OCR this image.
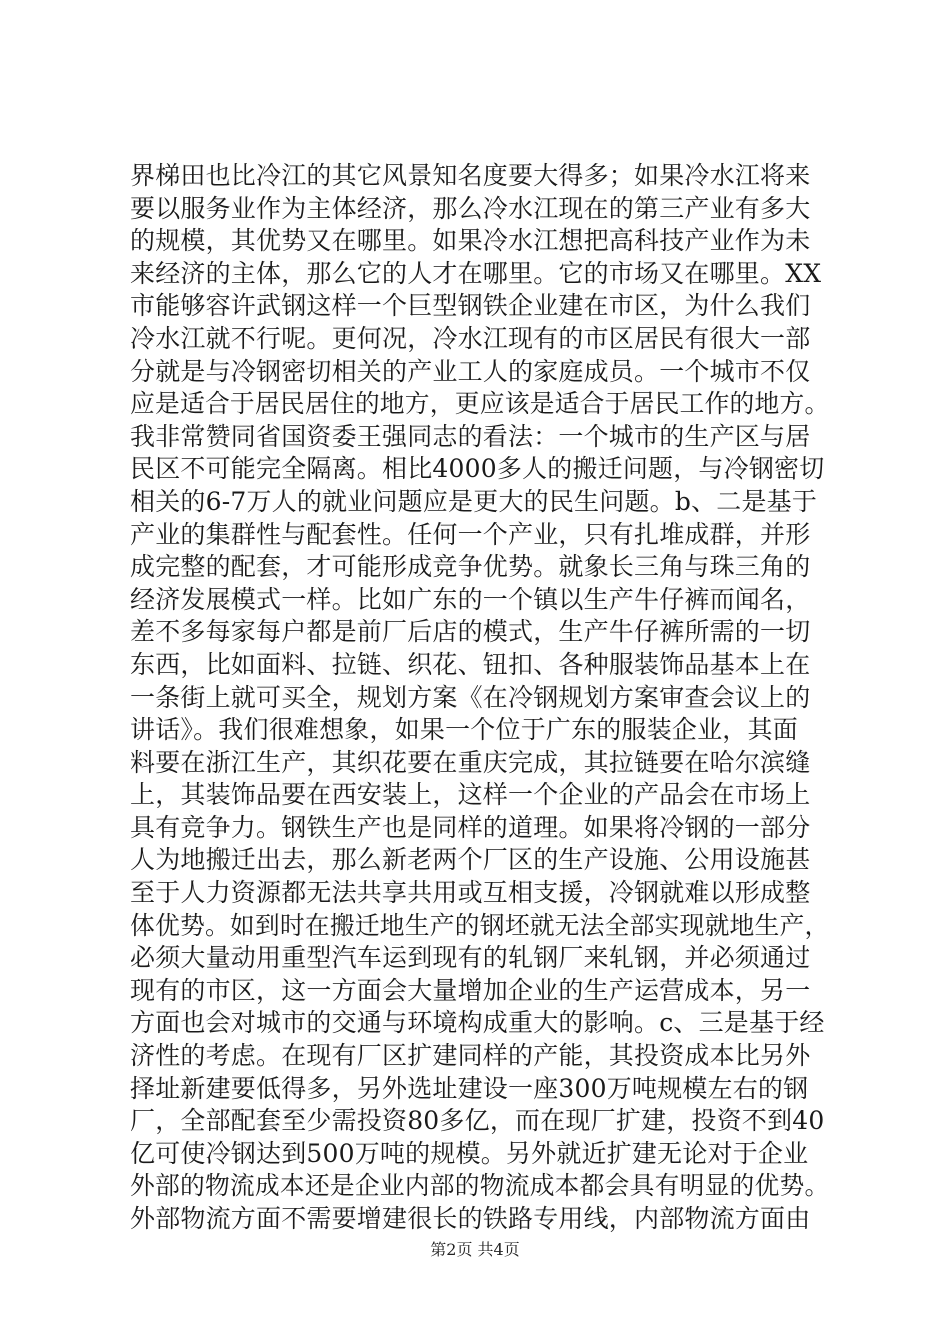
界梯田也比冷江的其它风景知名度要大得多；如果冷水江将来
要以服务业作为主体经济，那么冷水江现在的第三产业有多大
的规模，其优势又在哪里。如果冷水江想把高科技产业作为未
来经济的主体，那么它的人才在哪里。它的市场又在哪里。XX
市能够容许武钢这样一个巨型钢铁企业建在市区，为什么我们
冷水江就不行呢。更何况，冷水江现有的市区居民有很大一部
分就是与冷钢密切相关的产业工人的家庭成员。一个城市不仅
应是适合于居民居住的地方，更应该是适合于居民工作的地方。
我非常赞同省国资委王强同志的看法：一个城市的生产区与居
民区不可能完全隔离。相比4000多人的搬迁问题，与冷钢密切
相关的6-7万人的就业问题应是更大的民生问题。b、二是基于
产业的集群性与配套性。任何一个产业，只有扎堆成群，并形
成完整的配套，才可能形成竞争优势。就象长三角与珠三角的
经济发展模式一样。比如广东的一个镇以生产牛仔裤而闻名，
差不多每家每户都是前厂后店的模式，生产牛仔裤所需的一切
东西，比如面料、拉链、织花、钮扣、各种服装饰品基本上在
一条街上就可买全，规划方案《在冷钢规划方案审查会议上的
讲话》。我们很难想象，如果一个位于广东的服装企业，其面
料要在浙江生产，其织花要在重庆完成，其拉链要在哈尔滨缝
上，其装饰品要在西安装上，这样一个企业的产品会在市场上
具有竞争力。钢铁生产也是同样的道理。如果将冷钢的一部分
人为地搬迁出去，那么新老两个厂区的生产设施、公用设施甚
至于人力资源都无法共享共用或互相支援，冷钢就难以形成整
体优势。如到时在搬迁地生产的钢坯就无法全部实现就地生产，
必须大量动用重型汽车运到现有的轧钢厂来轧钢，并必须通过
现有的市区，这一方面会大量增加企业的生产运营成本，另一
方面也会对城市的交通与环境构成重大的影响。c、三是基于经
济性的考虑。在现有厂区扩建同样的产能，其投资成本比另外
择址新建要低得多，另外选址建设一座300万吨规模左右的钢
厂，全部配套至少需投资80多亿，而在现厂扩建，投资不到40
亿可使冷钢达到500万吨的规模。另外就近扩建无论对于企业
外部的物流成本还是企业内部的物流成本都会具有明显的优势。
外部物流方面不需要增建很长的铁路专用线，内部物流方面由
第2页 共4页
